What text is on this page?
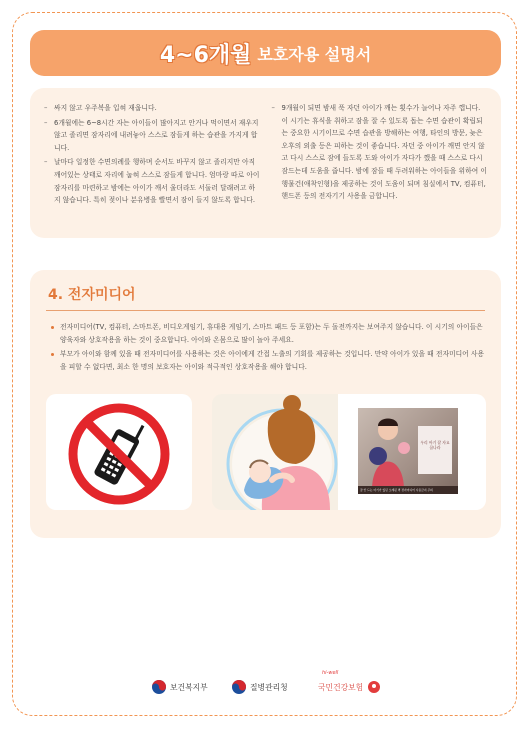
4~6개월 보호자용 설명서
– 싸지 않고 우주복을 입혀 재웁니다.
– 6개월에는 6~8시간 자는 아이들이 많아지고 안거나 먹이면서 재우지 않고 졸리면 잠자리에 내려놓아 스스로 잠들게 하는 습관을 가지게 합니다.
– 날마다 일정한 수면의례를 행하며 순서도 바꾸지 않고 졸리지만 아직 깨어있는 상태로 자리에 눕혀 스스로 잠들게 합니다. 엄마랑 따로 아이 잠자리를 마련하고 밤에는 아이가 깨서 울더라도 서둘러 달래려고 하지 않습니다. 특히 젖이나 분유병을 빨면서 잠이 들지 않도록 합니다.
– 9개월이 되면 밤새 푹 자던 아이가 깨는 횟수가 늘어나 자주 깹니다. 이 시기는 휴식을 취하고 잠을 잘 수 있도록 돕는 수면 습관이 확립되는 중요한 시기이므로 수면 습관을 방해하는 여행, 타인의 방문, 늦은 오후의 외출 등은 피하는 것이 좋습니다. 자던 중 아이가 깨면 안지 않고 다시 스스로 잠에 들도록 도와 아이가 자다가 깼을 때 스스로 다시 잠드는데 도움을 줍니다. 밤에 잠들 때 두려워하는 아이들을 위하여 이행물건(애착인형)을 제공하는 것이 도움이 되며 침실에서 TV, 컴퓨터, 핸드폰 등의 전자기기 사용을 금합니다.
4. 전자미디어
전자미디어(TV, 컴퓨터, 스마트폰, 비디오게임기, 휴대용 게임기, 스마트 패드 등 포함)는 두 돌전까지는 보여주지 않습니다. 이 시기의 아이들은 양육자와 상호작용을 하는 것이 중요합니다. 아이와 온몸으로 많이 놀아 주세요.
부모가 아이와 함께 있을 때 전자미디어를 사용하는 것은 아이에게 간접 노출의 기회를 제공하는 것입니다. 만약 아이가 있을 때 전자미디어 사용을 피할 수 없다면, 최소 한 명의 보호자는 아이와 적극적인 상호작용을 해야 합니다.
우리 아기 잘 자요 꿈나라
잠 안 드는 아기가 있던 오래된 벽 전자미디어 사용금지 주의
보건복지부	질병관리청
hi-well
국민건강보험
